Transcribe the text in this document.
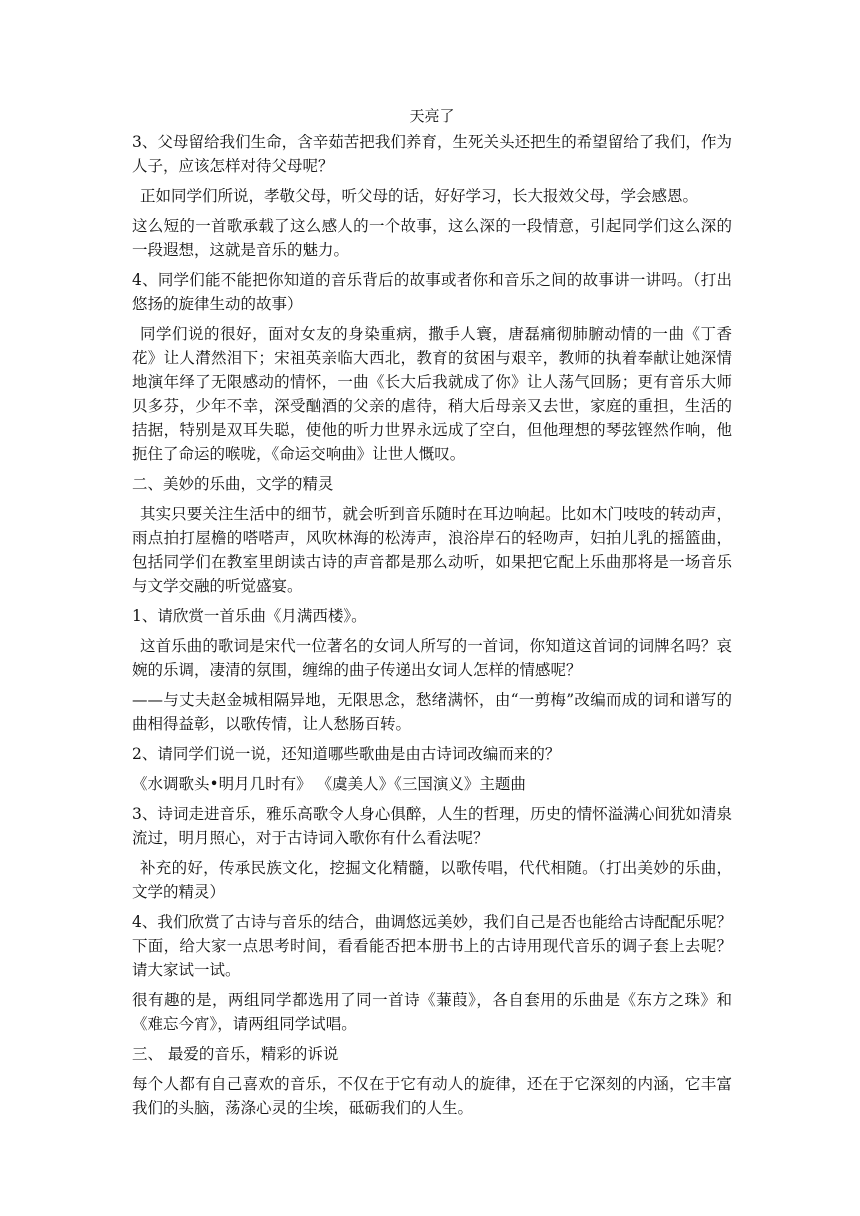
天亮了
3、父母留给我们生命，含辛茹苦把我们养育，生死关头还把生的希望留给了我们，作为人子，应该怎样对待父母呢？
正如同学们所说，孝敬父母，听父母的话，好好学习，长大报效父母，学会感恩。
这么短的一首歌承载了这么感人的一个故事，这么深的一段情意，引起同学们这么深的一段遐想，这就是音乐的魅力。
4、同学们能不能把你知道的音乐背后的故事或者你和音乐之间的故事讲一讲吗。（打出悠扬的旋律生动的故事）
同学们说的很好，面对女友的身染重病，撒手人寰，唐磊痛彻肺腑动情的一曲《丁香花》让人潸然泪下；宋祖英亲临大西北，教育的贫困与艰辛，教师的执着奉献让她深情地演年绎了无限感动的情怀，一曲《长大后我就成了你》让人荡气回肠；更有音乐大师贝多芬，少年不幸，深受酗酒的父亲的虐待，稍大后母亲又去世，家庭的重担，生活的拮据，特别是双耳失聪，使他的听力世界永远成了空白，但他理想的琴弦铿然作响，他扼住了命运的喉咙，《命运交响曲》让世人慨叹。
二、美妙的乐曲，文学的精灵
其实只要关注生活中的细节，就会听到音乐随时在耳边响起。比如木门吱吱的转动声，雨点拍打屋檐的嗒嗒声，风吹林海的松涛声，浪浴岸石的轻吻声，妇拍儿乳的摇篮曲，包括同学们在教室里朗读古诗的声音都是那么动听，如果把它配上乐曲那将是一场音乐与文学交融的听觉盛宴。
1、请欣赏一首乐曲《月满西楼》。
这首乐曲的歌词是宋代一位著名的女词人所写的一首词，你知道这首词的词牌名吗？哀婉的乐调，凄清的氛围，缠绵的曲子传递出女词人怎样的情感呢？
——与丈夫赵金城相隔异地，无限思念，愁绪满怀，由“一剪梅”改编而成的词和谱写的曲相得益彰，以歌传情，让人愁肠百转。
2、请同学们说一说，还知道哪些歌曲是由古诗词改编而来的？
《水调歌头•明月几时有》 《虞美人》《三国演义》主题曲
3、诗词走进音乐，雅乐高歌令人身心俱醉，人生的哲理，历史的情怀溢满心间犹如清泉流过，明月照心，对于古诗词入歌你有什么看法呢？
补充的好，传承民族文化，挖掘文化精髓，以歌传唱，代代相随。（打出美妙的乐曲，文学的精灵）
4、我们欣赏了古诗与音乐的结合，曲调悠远美妙，我们自己是否也能给古诗配配乐呢？下面，给大家一点思考时间，看看能否把本册书上的古诗用现代音乐的调子套上去呢？请大家试一试。
很有趣的是，两组同学都选用了同一首诗《蒹葭》，各自套用的乐曲是《东方之珠》和《难忘今宵》，请两组同学试唱。
三、 最爱的音乐，精彩的诉说
每个人都有自己喜欢的音乐，不仅在于它有动人的旋律，还在于它深刻的内涵，它丰富我们的头脑，荡涤心灵的尘埃，砥砺我们的人生。
